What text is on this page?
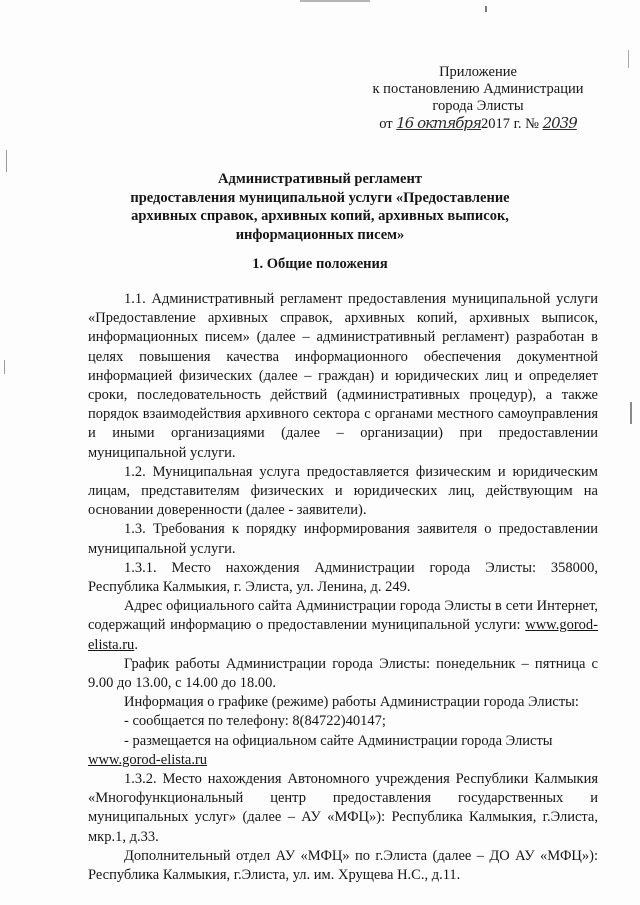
Приложение
к постановлению Администрации
города Элисты
от 16 октября2017 г. № 2039
Административный регламент
предоставления муниципальной услуги «Предоставление
архивных справок, архивных копий, архивных выписок,
информационных писем»
1. Общие положения

1.1. Административный регламент предоставления муниципальной услуги «Предоставление архивных справок, архивных копий, архивных выписок, информационных писем» (далее – административный регламент) разработан в целях повышения качества информационного обеспечения документной информацией физических (далее – граждан) и юридических лиц и определяет сроки, последовательность действий (административных процедур), а также порядок взаимодействия архивного сектора с органами местного самоуправления и иными организациями (далее – организации) при предоставлении муниципальной услуги.

1.2. Муниципальная услуга предоставляется физическим и юридическим лицам, представителям физических и юридических лиц, действующим на основании доверенности (далее - заявители).

1.3. Требования к порядку информирования заявителя о предоставлении муниципальной услуги.

1.3.1. Место нахождения Администрации города Элисты: 358000, Республика Калмыкия, г. Элиста, ул. Ленина, д. 249.

Адрес официального сайта Администрации города Элисты в сети Интернет, содержащий информацию о предоставлении муниципальной услуги: www.gorod-elista.ru.

График работы Администрации города Элисты: понедельник – пятница с 9.00 до 13.00, с 14.00 до 18.00.

Информация о графике (режиме) работы Администрации города Элисты:

- сообщается по телефону: 8(84722)40147;

- размещается на официальном сайте Администрации города Элисты

www.gorod-elista.ru

1.3.2. Место нахождения Автономного учреждения Республики Калмыкия «Многофункциональный центр предоставления государственных и муниципальных услуг» (далее – АУ «МФЦ»): Республика Калмыкия, г.Элиста, мкр.1, д.33.

Дополнительный отдел АУ «МФЦ» по г.Элиста (далее – ДО АУ «МФЦ»): Республика Калмыкия, г.Элиста, ул. им. Хрущева Н.С., д.11.
